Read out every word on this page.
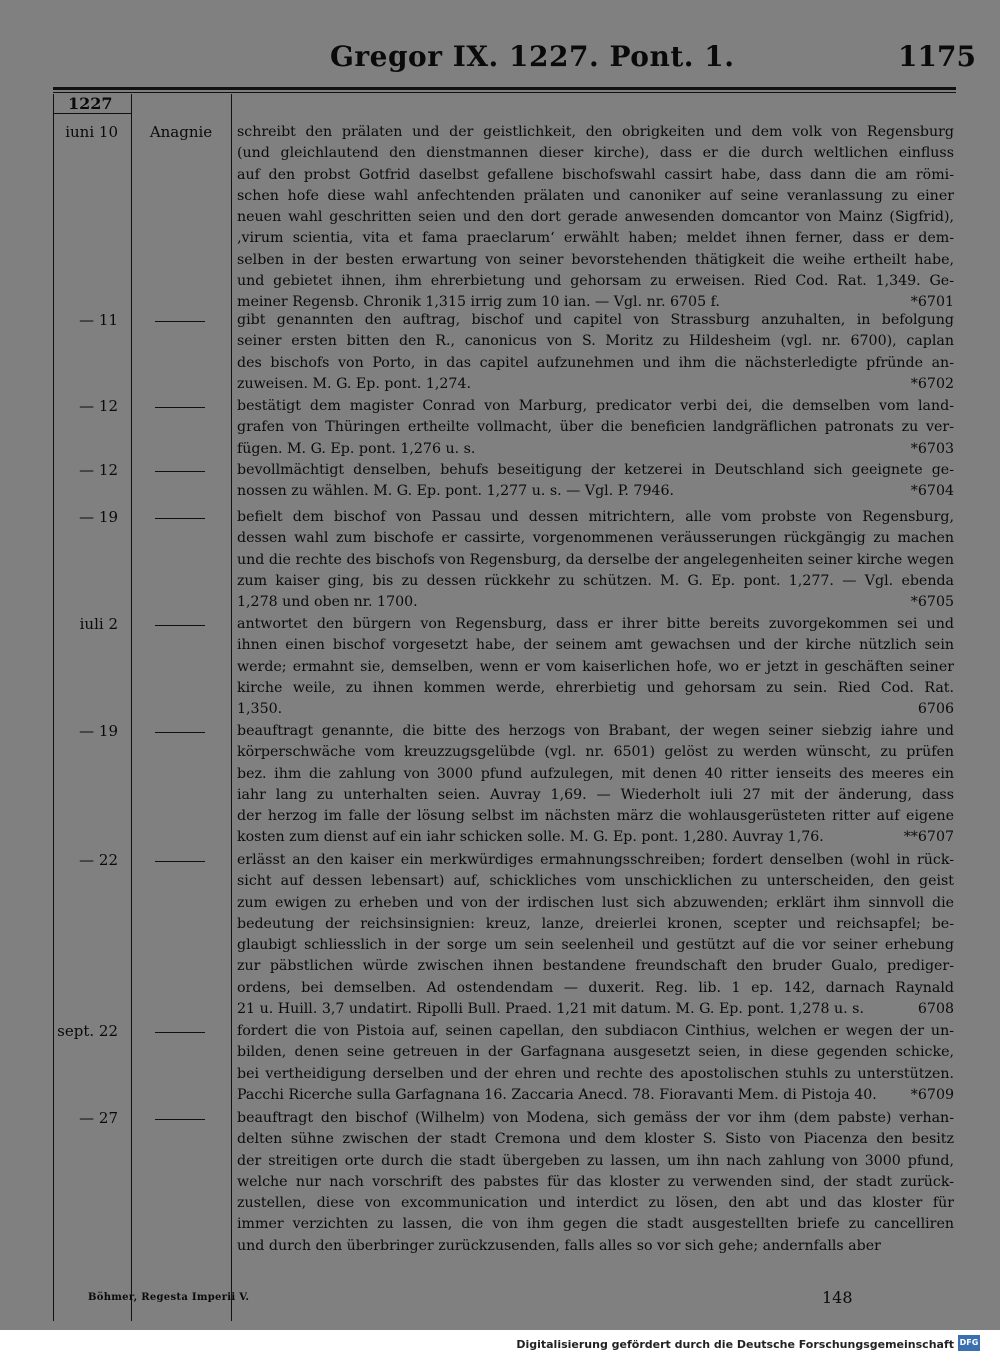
Gregor IX. 1227. Pont. 1.	1175
1227
iuni 10	Anagnie	schreibt den prälaten und der geistlichkeit, den obrigkeiten und dem volk von Regensburg
(und gleichlautend den dienstmannen dieser kirche), dass er die durch weltlichen einfluss
auf den probst Gotfrid daselbst gefallene bischofswahl cassirt habe, dass dann die am römi-
schen hofe diese wahl anfechtenden prälaten und canoniker auf seine veranlassung zu einer
neuen wahl geschritten seien und den dort gerade anwesenden domcantor von Mainz (Sigfrid),
‚virum scientia, vita et fama praeclarum‘ erwählt haben; meldet ihnen ferner, dass er dem-
selben in der besten erwartung von seiner bevorstehenden thätigkeit die weihe ertheilt habe,
und gebietet ihnen, ihm ehrerbietung und gehorsam zu erweisen. Ried Cod. Rat. 1,349. Ge-
meiner Regensb. Chronik 1,315 irrig zum 10 ian. — Vgl. nr. 6705 f.	*6701
— 11	gibt genannten den auftrag, bischof und capitel von Strassburg anzuhalten, in befolgung
seiner ersten bitten den R., canonicus von S. Moritz zu Hildesheim (vgl. nr. 6700), caplan
des bischofs von Porto, in das capitel aufzunehmen und ihm die nächsterledigte pfründe an-
zuweisen. M. G. Ep. pont. 1,274.	*6702
— 12	bestätigt dem magister Conrad von Marburg, predicator verbi dei, die demselben vom land-
grafen von Thüringen ertheilte vollmacht, über die beneficien landgräflichen patronats zu ver-
fügen. M. G. Ep. pont. 1,276 u. s.	*6703
— 12	bevollmächtigt denselben, behufs beseitigung der ketzerei in Deutschland sich geeignete ge-
nossen zu wählen. M. G. Ep. pont. 1,277 u. s. — Vgl. P. 7946.	*6704
— 19	befielt dem bischof von Passau und dessen mitrichtern, alle vom probste von Regensburg,
dessen wahl zum bischofe er cassirte, vorgenommenen veräusserungen rückgängig zu machen
und die rechte des bischofs von Regensburg, da derselbe der angelegenheiten seiner kirche wegen
zum kaiser ging, bis zu dessen rückkehr zu schützen. M. G. Ep. pont. 1,277. — Vgl. ebenda
1,278 und oben nr. 1700.	*6705
iuli 2	antwortet den bürgern von Regensburg, dass er ihrer bitte bereits zuvorgekommen sei und
ihnen einen bischof vorgesetzt habe, der seinem amt gewachsen und der kirche nützlich sein
werde; ermahnt sie, demselben, wenn er vom kaiserlichen hofe, wo er jetzt in geschäften seiner
kirche weile, zu ihnen kommen werde, ehrerbietig und gehorsam zu sein. Ried Cod. Rat.
1,350.	6706
— 19	beauftragt genannte, die bitte des herzogs von Brabant, der wegen seiner siebzig iahre und
körperschwäche vom kreuzzugsgelübde (vgl. nr. 6501) gelöst zu werden wünscht, zu prüfen
bez. ihm die zahlung von 3000 pfund aufzulegen, mit denen 40 ritter ienseits des meeres ein
iahr lang zu unterhalten seien. Auvray 1,69. — Wiederholt iuli 27 mit der änderung, dass
der herzog im falle der lösung selbst im nächsten märz die wohlausgerüsteten ritter auf eigene
kosten zum dienst auf ein iahr schicken solle. M. G. Ep. pont. 1,280. Auvray 1,76.	**6707
— 22	erlässt an den kaiser ein merkwürdiges ermahnungsschreiben; fordert denselben (wohl in rück-
sicht auf dessen lebensart) auf, schickliches vom unschicklichen zu unterscheiden, den geist
zum ewigen zu erheben und von der irdischen lust sich abzuwenden; erklärt ihm sinnvoll die
bedeutung der reichsinsignien: kreuz, lanze, dreierlei kronen, scepter und reichsapfel; be-
glaubigt schliesslich in der sorge um sein seelenheil und gestützt auf die vor seiner erhebung
zur päbstlichen würde zwischen ihnen bestandene freundschaft den bruder Gualo, prediger-
ordens, bei demselben. Ad ostendendam — duxerit. Reg. lib. 1 ep. 142, darnach Raynald
21 u. Huill. 3,7 undatirt. Ripolli Bull. Praed. 1,21 mit datum. M. G. Ep. pont. 1,278 u. s.	6708
sept. 22	fordert die von Pistoia auf, seinen capellan, den subdiacon Cinthius, welchen er wegen der un-
bilden, denen seine getreuen in der Garfagnana ausgesetzt seien, in diese gegenden schicke,
bei vertheidigung derselben und der ehren und rechte des apostolischen stuhls zu unterstützen.
Pacchi Ricerche sulla Garfagnana 16. Zaccaria Anecd. 78. Fioravanti Mem. di Pistoja 40. *6709
— 27	beauftragt den bischof (Wilhelm) von Modena, sich gemäss der vor ihm (dem pabste) verhan-
delten sühne zwischen der stadt Cremona und dem kloster S. Sisto von Piacenza den besitz
der streitigen orte durch die stadt übergeben zu lassen, um ihn nach zahlung von 3000 pfund,
welche nur nach vorschrift des pabstes für das kloster zu verwenden sind, der stadt zurück-
zustellen, diese von excommunication und interdict zu lösen, den abt und das kloster für
immer verzichten zu lassen, die von ihm gegen die stadt ausgestellten briefe zu cancelliren
und durch den überbringer zurückzusenden, falls alles so vor sich gehe; andernfalls aber
Böhmer, Regesta Imperii V.	148
Digitalisierung gefördert durch die Deutsche Forschungsgemeinschaft DFG
